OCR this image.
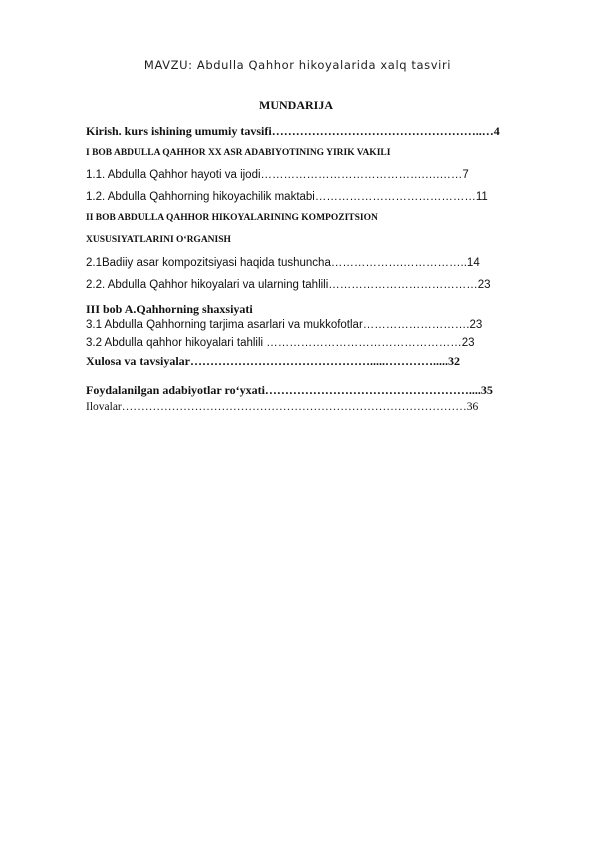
MAVZU: Abdulla Qahhor hikoyalarida xalq tasviri
MUNDARIJA
Kirish. kurs ishining umumiy tavsifi……………………………………………..…4
I BOB ABDULLA QAHHOR XX ASR ADABIYOTINING YIRIK VAKILI
1.1. Abdulla Qahhor hayoti va ijodi…………………………………….….……7
1.2. Abdulla Qahhorning hikoyachilik maktabi……………………………………11
II BOB ABDULLA QAHHOR HIKOYALARINING KOMPOZITSION
XUSUSIYATLARINI O‘RGANISH
2.1Badiiy asar kompozitsiyasi haqida tushuncha……………….……………..14
2.2. Abdulla Qahhor hikoyalari va ularning tahlili…………………………………23
III bob A.Qahhorning shaxsiyati
3.1 Abdulla Qahhorning tarjima asarlari va mukkofotlar……………………….23
3.2 Abdulla qahhor hikoyalari tahlili ……………………………………………23
Xulosa va tavsiyalar……………………………………….....………….....32
Foydalanilgan adabiyotlar ro‘yxati……………………………………………....35
Ilovalar………………………………………………………………………………36
